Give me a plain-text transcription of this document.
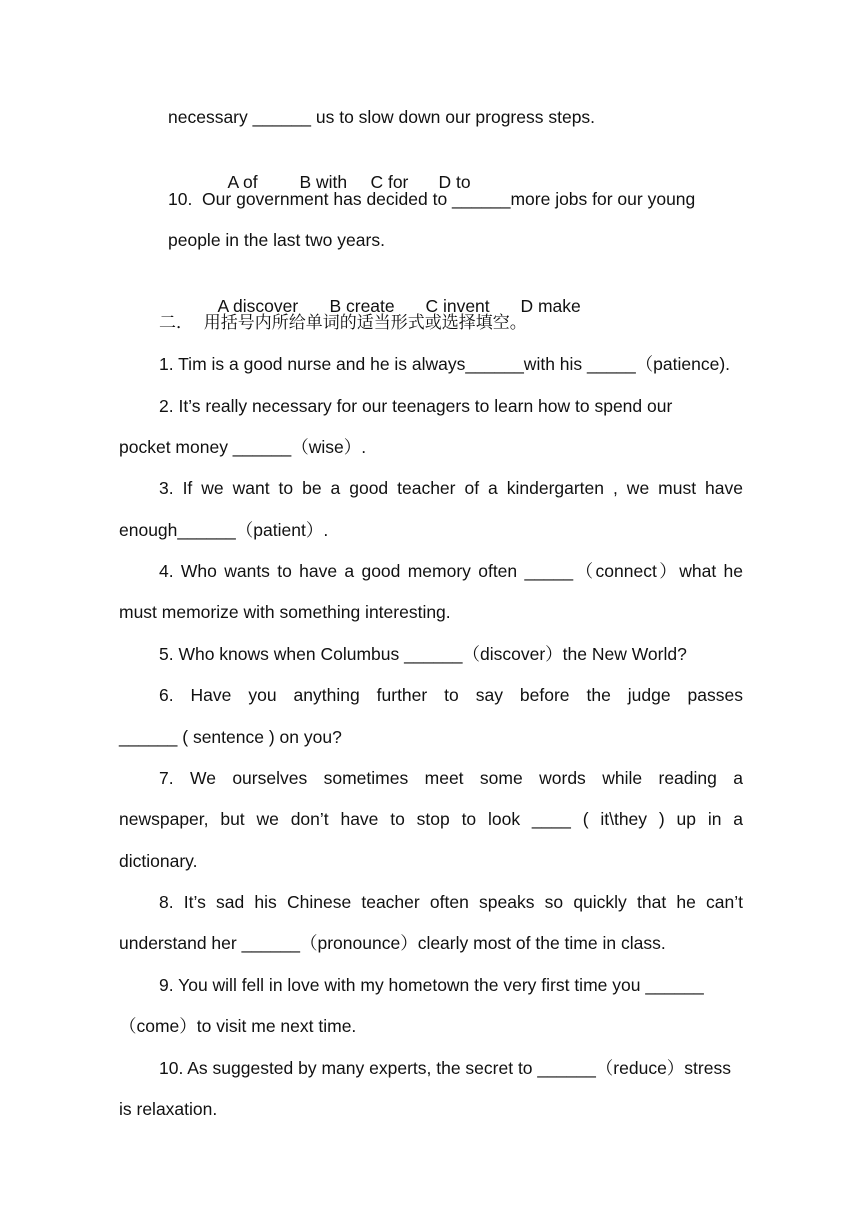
necessary ______ us to slow down our progress steps.

A of B with C for D to

10.  Our government has decided to ______more jobs for our young
people in the last two years.

A discover B create C invent D make

二．  用括号内所给单词的适当形式或选择填空。
1. Tim is a good nurse and he is always______with his _____（patience).
2. It’s really necessary for our teenagers to learn how to spend our
pocket money ______（wise）.
3. If we want to be a good teacher of a kindergarten , we must have
enough______（patient）.
4. Who wants to have a good memory often _____（connect）what he
must memorize with something interesting.
5. Who knows when Columbus ______（discover）the New World?
6. Have you anything further to say before the judge passes
______ ( sentence ) on you?
7. We ourselves sometimes meet some words while reading a
newspaper, but we don’t have to stop to look ____ ( it\they ) up in a
dictionary.
8. It’s sad his Chinese teacher often speaks so quickly that he can’t
understand her ______（pronounce）clearly most of the time in class.
9. You will fell in love with my hometown the very first time you ______
（come）to visit me next time.
10. As suggested by many experts, the secret to ______（reduce）stress
is relaxation.
